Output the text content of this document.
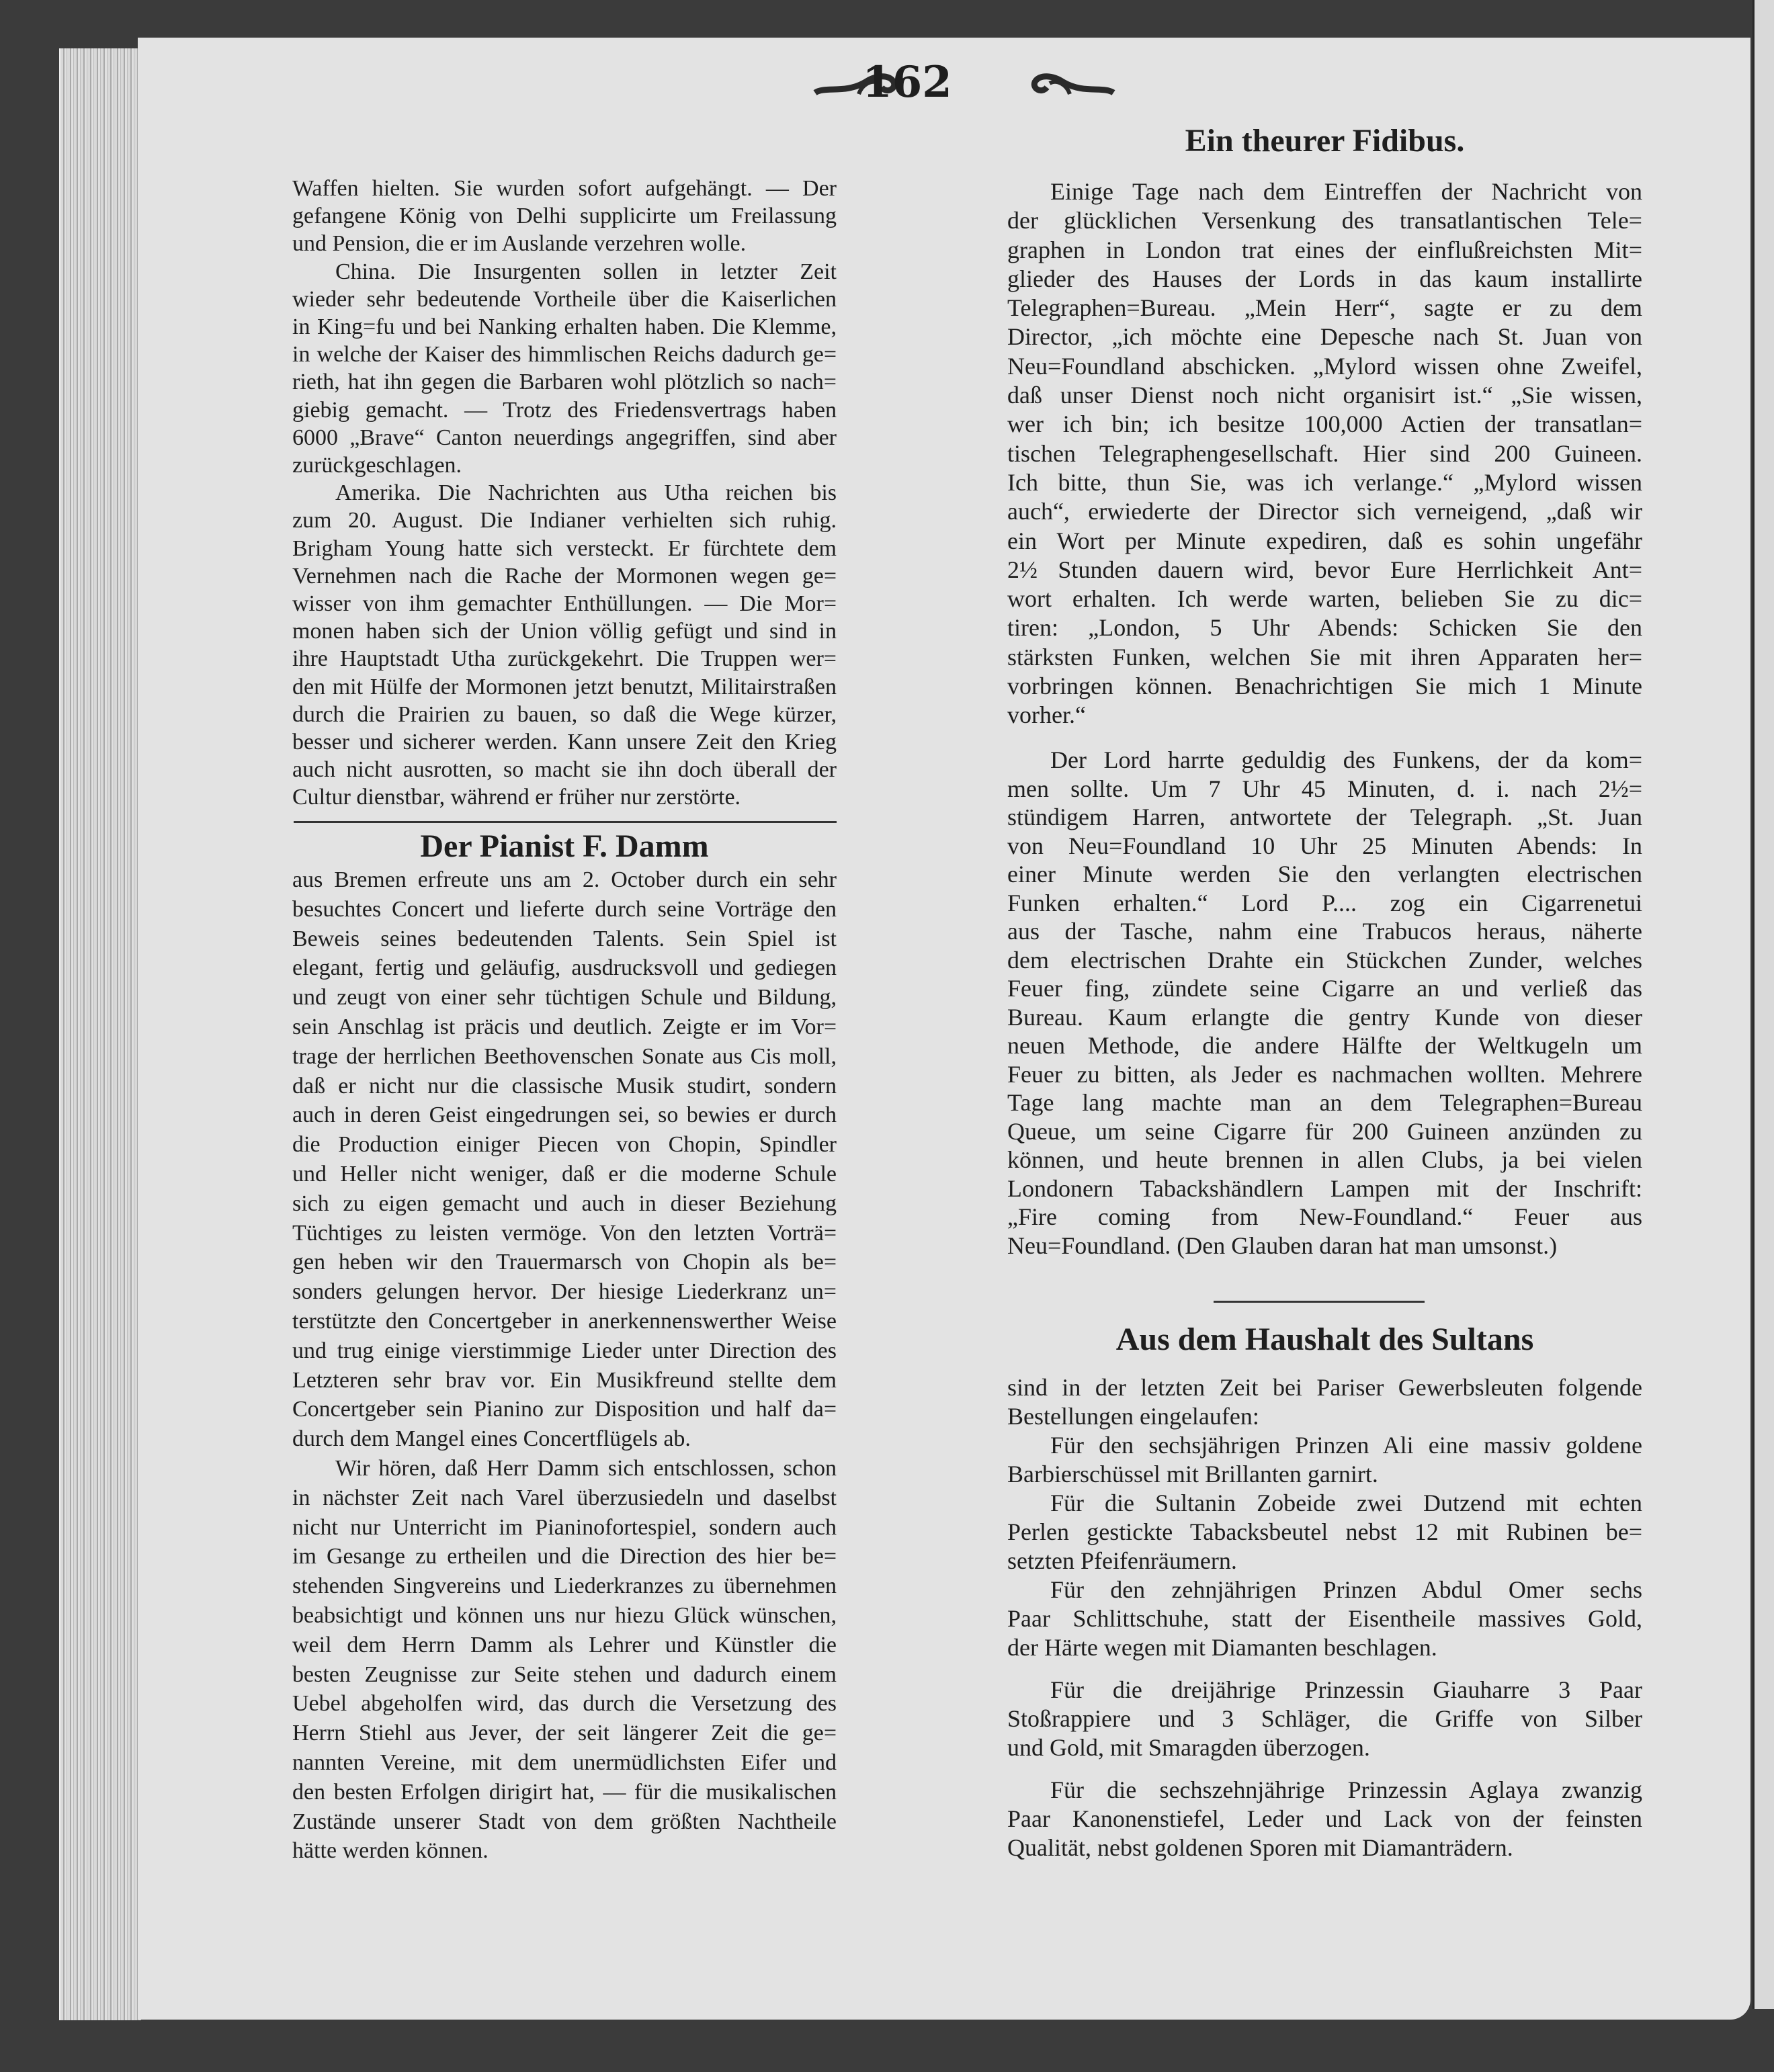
162
Waffen hielten. Sie wurden sofort aufgehängt. — Der
gefangene König von Delhi supplicirte um Freilassung
und Pension, die er im Auslande verzehren wolle.
China. Die Insurgenten sollen in letzter Zeit
wieder sehr bedeutende Vortheile über die Kaiserlichen
in King=fu und bei Nanking erhalten haben. Die Klemme,
in welche der Kaiser des himmlischen Reichs dadurch ge=
rieth, hat ihn gegen die Barbaren wohl plötzlich so nach=
giebig gemacht. — Trotz des Friedensvertrags haben
6000 „Brave“ Canton neuerdings angegriffen, sind aber
zurückgeschlagen.
Amerika. Die Nachrichten aus Utha reichen bis
zum 20. August. Die Indianer verhielten sich ruhig.
Brigham Young hatte sich versteckt. Er fürchtete dem
Vernehmen nach die Rache der Mormonen wegen ge=
wisser von ihm gemachter Enthüllungen. — Die Mor=
monen haben sich der Union völlig gefügt und sind in
ihre Hauptstadt Utha zurückgekehrt. Die Truppen wer=
den mit Hülfe der Mormonen jetzt benutzt, Militairstraßen
durch die Prairien zu bauen, so daß die Wege kürzer,
besser und sicherer werden. Kann unsere Zeit den Krieg
auch nicht ausrotten, so macht sie ihn doch überall der
Cultur dienstbar, während er früher nur zerstörte.
Der Pianist F. Damm
aus Bremen erfreute uns am 2. October durch ein sehr
besuchtes Concert und lieferte durch seine Vorträge den
Beweis seines bedeutenden Talents. Sein Spiel ist
elegant, fertig und geläufig, ausdrucksvoll und gediegen
und zeugt von einer sehr tüchtigen Schule und Bildung,
sein Anschlag ist präcis und deutlich. Zeigte er im Vor=
trage der herrlichen Beethovenschen Sonate aus Cis moll,
daß er nicht nur die classische Musik studirt, sondern
auch in deren Geist eingedrungen sei, so bewies er durch
die Production einiger Piecen von Chopin, Spindler
und Heller nicht weniger, daß er die moderne Schule
sich zu eigen gemacht und auch in dieser Beziehung
Tüchtiges zu leisten vermöge. Von den letzten Vorträ=
gen heben wir den Trauermarsch von Chopin als be=
sonders gelungen hervor. Der hiesige Liederkranz un=
terstützte den Concertgeber in anerkennenswerther Weise
und trug einige vierstimmige Lieder unter Direction des
Letzteren sehr brav vor. Ein Musikfreund stellte dem
Concertgeber sein Pianino zur Disposition und half da=
durch dem Mangel eines Concertflügels ab.
Wir hören, daß Herr Damm sich entschlossen, schon
in nächster Zeit nach Varel überzusiedeln und daselbst
nicht nur Unterricht im Pianinofortespiel, sondern auch
im Gesange zu ertheilen und die Direction des hier be=
stehenden Singvereins und Liederkranzes zu übernehmen
beabsichtigt und können uns nur hiezu Glück wünschen,
weil dem Herrn Damm als Lehrer und Künstler die
besten Zeugnisse zur Seite stehen und dadurch einem
Uebel abgeholfen wird, das durch die Versetzung des
Herrn Stiehl aus Jever, der seit längerer Zeit die ge=
nannten Vereine, mit dem unermüdlichsten Eifer und
den besten Erfolgen dirigirt hat, — für die musikalischen
Zustände unserer Stadt von dem größten Nachtheile
hätte werden können.
Ein theurer Fidibus.
Einige Tage nach dem Eintreffen der Nachricht von
der glücklichen Versenkung des transatlantischen Tele=
graphen in London trat eines der einflußreichsten Mit=
glieder des Hauses der Lords in das kaum installirte
Telegraphen=Bureau. „Mein Herr“, sagte er zu dem
Director, „ich möchte eine Depesche nach St. Juan von
Neu=Foundland abschicken. „Mylord wissen ohne Zweifel,
daß unser Dienst noch nicht organisirt ist.“ „Sie wissen,
wer ich bin; ich besitze 100,000 Actien der transatlan=
tischen Telegraphengesellschaft. Hier sind 200 Guineen.
Ich bitte, thun Sie, was ich verlange.“ „Mylord wissen
auch“, erwiederte der Director sich verneigend, „daß wir
ein Wort per Minute expediren, daß es sohin ungefähr
2½ Stunden dauern wird, bevor Eure Herrlichkeit Ant=
wort erhalten. Ich werde warten, belieben Sie zu dic=
tiren: „London, 5 Uhr Abends: Schicken Sie den
stärksten Funken, welchen Sie mit ihren Apparaten her=
vorbringen können. Benachrichtigen Sie mich 1 Minute
vorher.“
Der Lord harrte geduldig des Funkens, der da kom=
men sollte. Um 7 Uhr 45 Minuten, d. i. nach 2½=
stündigem Harren, antwortete der Telegraph. „St. Juan
von Neu=Foundland 10 Uhr 25 Minuten Abends: In
einer Minute werden Sie den verlangten electrischen
Funken erhalten.“ Lord P.... zog ein Cigarrenetui
aus der Tasche, nahm eine Trabucos heraus, näherte
dem electrischen Drahte ein Stückchen Zunder, welches
Feuer fing, zündete seine Cigarre an und verließ das
Bureau. Kaum erlangte die gentry Kunde von dieser
neuen Methode, die andere Hälfte der Weltkugeln um
Feuer zu bitten, als Jeder es nachmachen wollten. Mehrere
Tage lang machte man an dem Telegraphen=Bureau
Queue, um seine Cigarre für 200 Guineen anzünden zu
können, und heute brennen in allen Clubs, ja bei vielen
Londonern Tabackshändlern Lampen mit der Inschrift:
„Fire coming from New-Foundland.“ Feuer aus
Neu=Foundland. (Den Glauben daran hat man umsonst.)
Aus dem Haushalt des Sultans
sind in der letzten Zeit bei Pariser Gewerbsleuten folgende
Bestellungen eingelaufen:
Für den sechsjährigen Prinzen Ali eine massiv goldene
Barbierschüssel mit Brillanten garnirt.
Für die Sultanin Zobeide zwei Dutzend mit echten
Perlen gestickte Tabacksbeutel nebst 12 mit Rubinen be=
setzten Pfeifenräumern.
Für den zehnjährigen Prinzen Abdul Omer sechs
Paar Schlittschuhe, statt der Eisentheile massives Gold,
der Härte wegen mit Diamanten beschlagen.
Für die dreijährige Prinzessin Giauharre 3 Paar
Stoßrappiere und 3 Schläger, die Griffe von Silber
und Gold, mit Smaragden überzogen.
Für die sechszehnjährige Prinzessin Aglaya zwanzig
Paar Kanonenstiefel, Leder und Lack von der feinsten
Qualität, nebst goldenen Sporen mit Diamanträdern.
